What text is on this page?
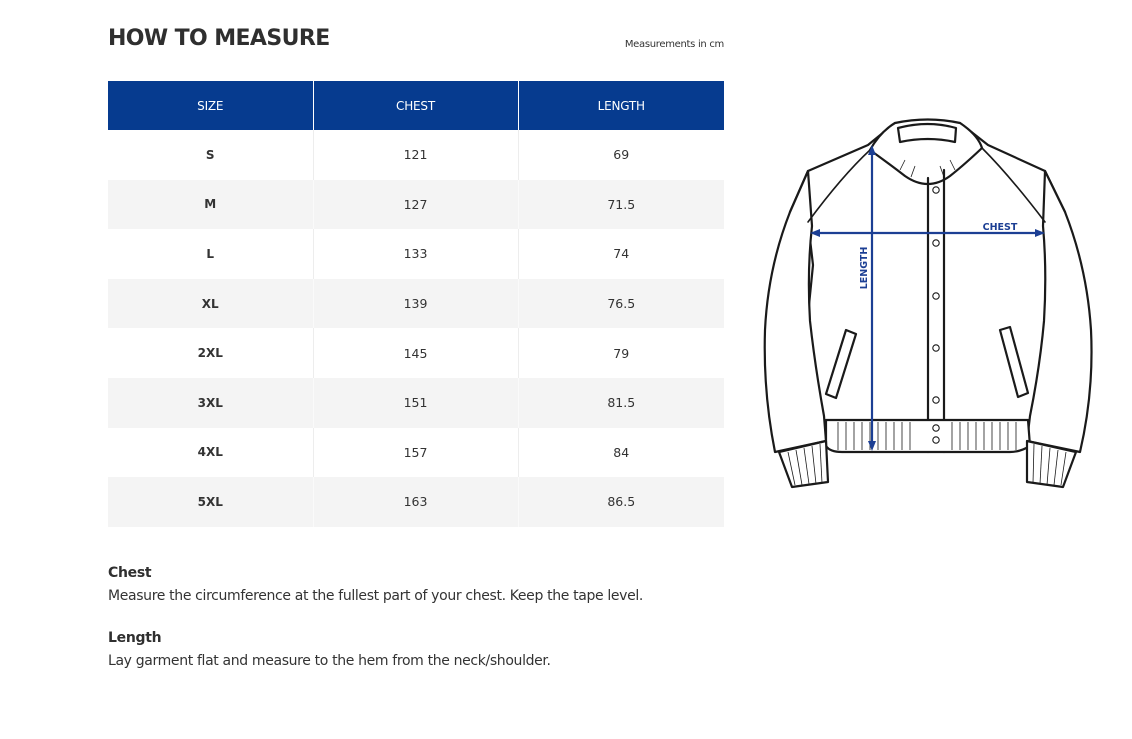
HOW TO MEASURE	Measurements in cm
SIZE	CHEST	LENGTH
S	121	69
M	127	71.5
L	133	74
XL	139	76.5
2XL	145	79
3XL	151	81.5
4XL	157	84
5XL	163	86.5
Chest
Measure the circumference at the fullest part of your chest. Keep the tape level.
Length
Lay garment flat and measure to the hem from the neck/shoulder.
CHEST
LENGTH
